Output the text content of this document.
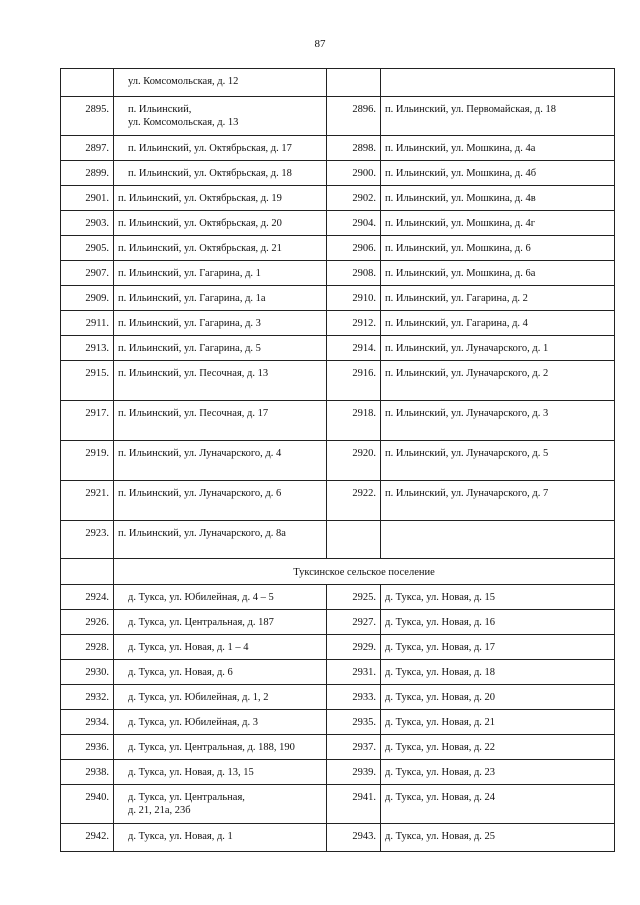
87
	ул. Комсомольская, д. 12		
2895.	п. Ильинский,
ул. Комсомольская, д. 13	2896.	п. Ильинский, ул. Первомайская, д. 18
2897.	п. Ильинский, ул. Октябрьская, д. 17	2898.	п. Ильинский, ул. Мошкина, д. 4а
2899.	п. Ильинский, ул. Октябрьская, д. 18	2900.	п. Ильинский, ул. Мошкина, д. 4б
2901.	п. Ильинский, ул. Октябрьская, д. 19	2902.	п. Ильинский, ул. Мошкина, д. 4в
2903.	п. Ильинский, ул. Октябрьская, д. 20	2904.	п. Ильинский, ул. Мошкина, д. 4г
2905.	п. Ильинский, ул. Октябрьская, д. 21	2906.	п. Ильинский, ул. Мошкина, д. 6
2907.	п. Ильинский, ул. Гагарина, д. 1	2908.	п. Ильинский, ул. Мошкина, д. 6а
2909.	п. Ильинский, ул. Гагарина, д. 1а	2910.	п. Ильинский, ул. Гагарина, д. 2
2911.	п. Ильинский, ул. Гагарина, д. 3	2912.	п. Ильинский, ул. Гагарина, д. 4
2913.	п. Ильинский, ул. Гагарина, д. 5	2914.	п. Ильинский, ул. Луначарского, д. 1
2915.	п. Ильинский, ул. Песочная, д. 13	2916.	п. Ильинский, ул. Луначарского, д. 2
2917.	п. Ильинский, ул. Песочная, д. 17	2918.	п. Ильинский, ул. Луначарского, д. 3
2919.	п. Ильинский, ул. Луначарского, д. 4	2920.	п. Ильинский, ул. Луначарского, д. 5
2921.	п. Ильинский, ул. Луначарского, д. 6	2922.	п. Ильинский, ул. Луначарского, д. 7
2923.	п. Ильинский, ул. Луначарского, д. 8а		
	Туксинское сельское поселение		
2924.	д. Тукса, ул. Юбилейная, д. 4 – 5	2925.	д. Тукса, ул. Новая, д. 15
2926.	д. Тукса, ул. Центральная, д. 187	2927.	д. Тукса, ул. Новая, д. 16
2928.	д. Тукса, ул. Новая, д. 1 – 4	2929.	д. Тукса, ул. Новая, д. 17
2930.	д. Тукса, ул. Новая, д. 6	2931.	д. Тукса, ул. Новая, д. 18
2932.	д. Тукса, ул. Юбилейная, д. 1, 2	2933.	д. Тукса, ул. Новая, д. 20
2934.	д. Тукса, ул. Юбилейная, д. 3	2935.	д. Тукса, ул. Новая, д. 21
2936.	д. Тукса, ул. Центральная, д. 188, 190	2937.	д. Тукса, ул. Новая, д. 22
2938.	д. Тукса, ул. Новая, д. 13, 15	2939.	д. Тукса, ул. Новая, д. 23
2940.	д. Тукса, ул. Центральная,
д. 21, 21а, 23б	2941.	д. Тукса, ул. Новая, д. 24
2942.	д. Тукса, ул. Новая, д. 1	2943.	д. Тукса, ул. Новая, д. 25
